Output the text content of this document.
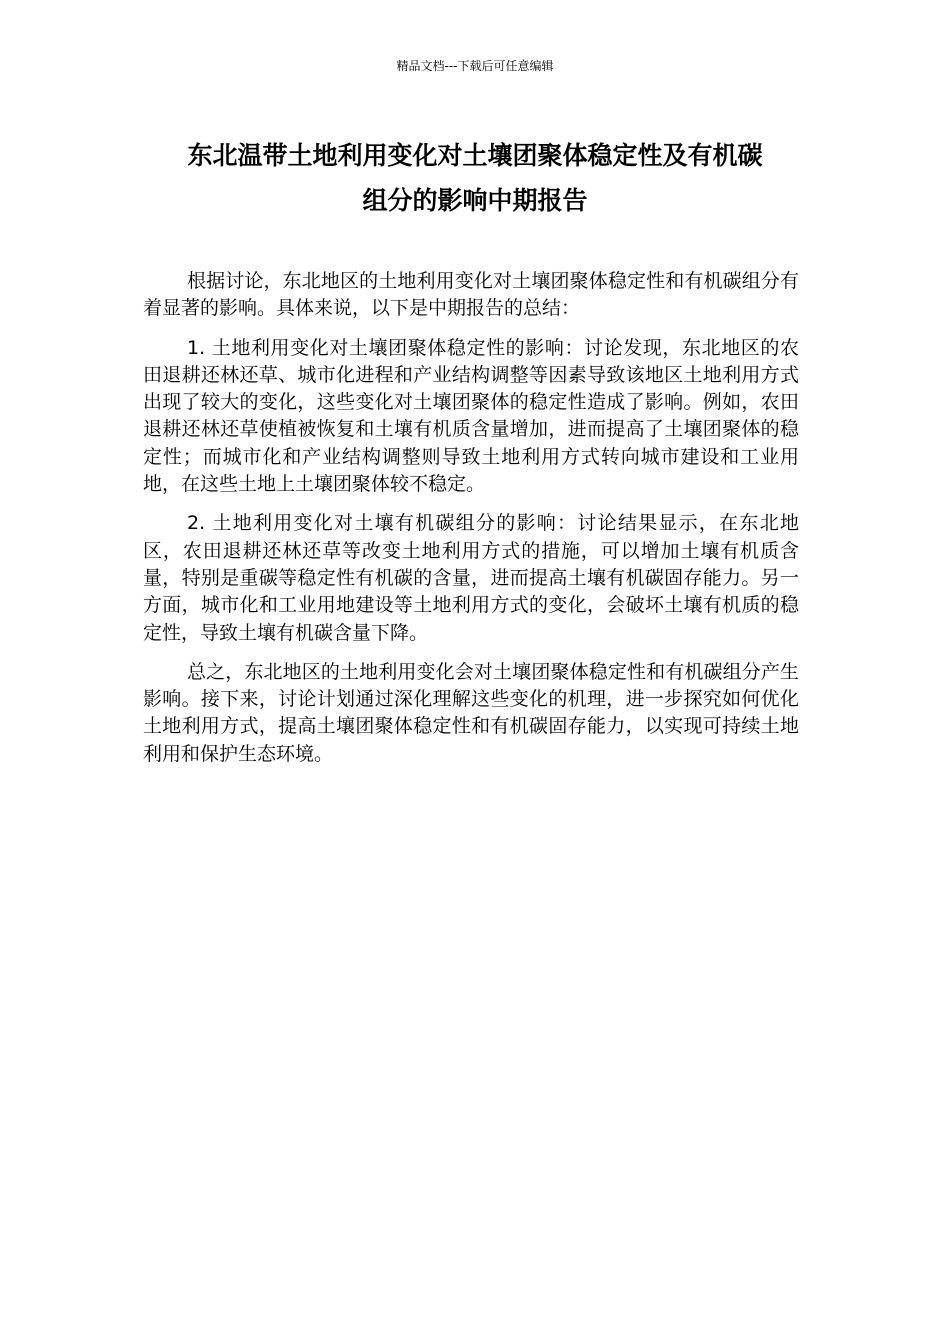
精品文档---下载后可任意编辑
东北温带土地利用变化对土壤团聚体稳定性及有机碳
组分的影响中期报告

根据讨论，东北地区的土地利用变化对土壤团聚体稳定性和有机碳组分有着显著的影响。具体来说，以下是中期报告的总结：

1. 土地利用变化对土壤团聚体稳定性的影响：讨论发现，东北地区的农田退耕还林还草、城市化进程和产业结构调整等因素导致该地区土地利用方式出现了较大的变化，这些变化对土壤团聚体的稳定性造成了影响。例如，农田退耕还林还草使植被恢复和土壤有机质含量增加，进而提高了土壤团聚体的稳定性；而城市化和产业结构调整则导致土地利用方式转向城市建设和工业用地，在这些土地上土壤团聚体较不稳定。

2. 土地利用变化对土壤有机碳组分的影响：讨论结果显示，在东北地区，农田退耕还林还草等改变土地利用方式的措施，可以增加土壤有机质含量，特别是重碳等稳定性有机碳的含量，进而提高土壤有机碳固存能力。另一方面，城市化和工业用地建设等土地利用方式的变化，会破坏土壤有机质的稳定性，导致土壤有机碳含量下降。

总之，东北地区的土地利用变化会对土壤团聚体稳定性和有机碳组分产生影响。接下来，讨论计划通过深化理解这些变化的机理，进一步探究如何优化土地利用方式，提高土壤团聚体稳定性和有机碳固存能力，以实现可持续土地利用和保护生态环境。
